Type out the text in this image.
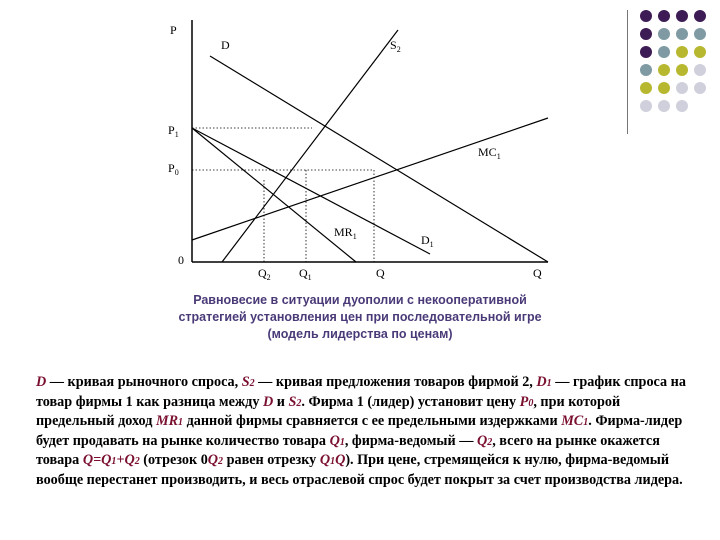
P
D	$S_2$
$P_1$
$P_0$
$MC_1$
$MR_1$	$D_1$
0
$Q_2$ $Q_1$	Q	Q
Равновесие в ситуации дуополии с некооперативной
стратегией установления цен при последовательной игре
(модель лидерства по ценам)

D — кривая рыночного спроса, S2 — кривая предложения товаров фирмой 2, D1 — график спроса на товар фирмы 1 как разница между D и S2. Фирма 1 (лидер) установит цену P0, при которой предельный доход MR1 данной фирмы сравняется с ее предельными издержками MC1. Фирма-лидер будет продавать на рынке количество товара Q1, фирма-ведомый — Q2, всего на рынке окажется товара Q=Q1+Q2 (отрезок 0Q2 равен отрезку Q1Q). При цене, стремящейся к нулю, фирма-ведомый вообще перестанет производить, и весь отраслевой спрос будет покрыт за счет производства лидера.
